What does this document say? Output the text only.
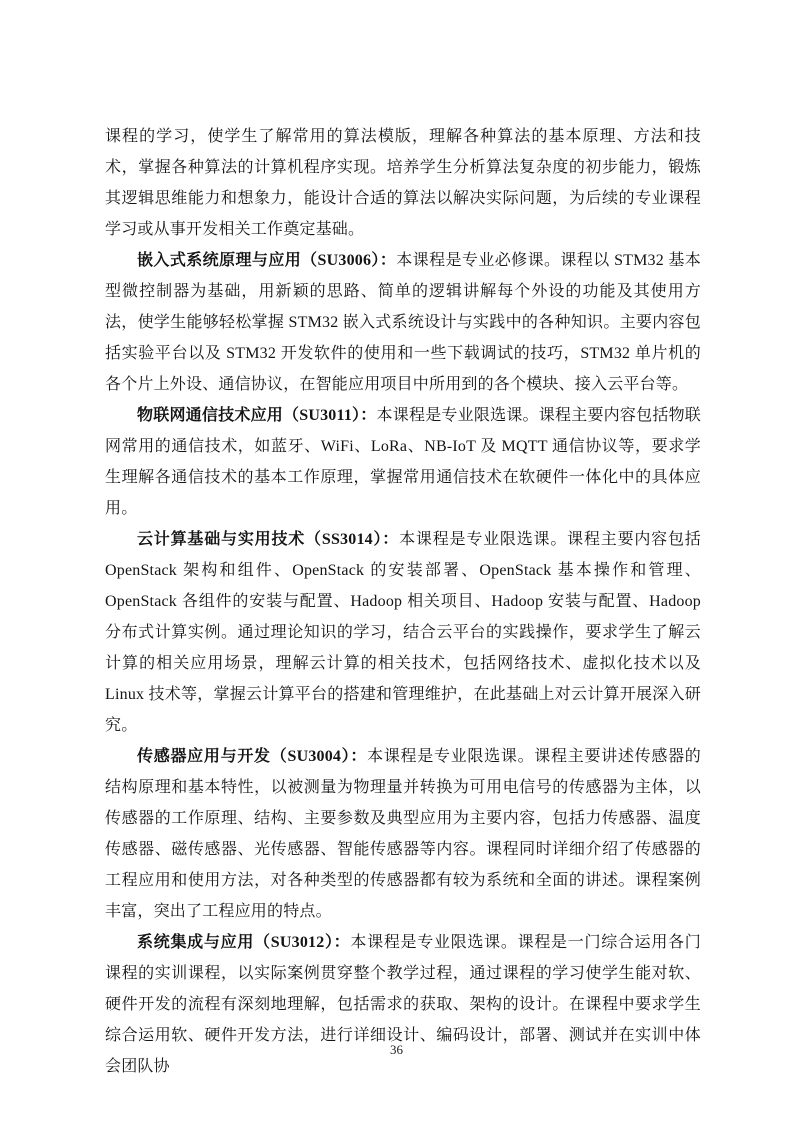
课程的学习，使学生了解常用的算法模版，理解各种算法的基本原理、方法和技术，掌握各种算法的计算机程序实现。培养学生分析算法复杂度的初步能力，锻炼其逻辑思维能力和想象力，能设计合适的算法以解决实际问题，为后续的专业课程学习或从事开发相关工作奠定基础。

嵌入式系统原理与应用（SU3006）：本课程是专业必修课。课程以 STM32 基本型微控制器为基础，用新颖的思路、简单的逻辑讲解每个外设的功能及其使用方法，使学生能够轻松掌握 STM32 嵌入式系统设计与实践中的各种知识。主要内容包括实验平台以及 STM32 开发软件的使用和一些下载调试的技巧，STM32 单片机的各个片上外设、通信协议，在智能应用项目中所用到的各个模块、接入云平台等。

物联网通信技术应用（SU3011）：本课程是专业限选课。课程主要内容包括物联网常用的通信技术，如蓝牙、WiFi、LoRa、NB-IoT 及 MQTT 通信协议等，要求学生理解各通信技术的基本工作原理，掌握常用通信技术在软硬件一体化中的具体应用。

云计算基础与实用技术（SS3014）：本课程是专业限选课。课程主要内容包括 OpenStack 架构和组件、OpenStack 的安装部署、OpenStack 基本操作和管理、OpenStack 各组件的安装与配置、Hadoop 相关项目、Hadoop 安装与配置、Hadoop 分布式计算实例。通过理论知识的学习，结合云平台的实践操作，要求学生了解云计算的相关应用场景，理解云计算的相关技术，包括网络技术、虚拟化技术以及 Linux 技术等，掌握云计算平台的搭建和管理维护，在此基础上对云计算开展深入研究。

传感器应用与开发（SU3004）：本课程是专业限选课。课程主要讲述传感器的结构原理和基本特性，以被测量为物理量并转换为可用电信号的传感器为主体，以传感器的工作原理、结构、主要参数及典型应用为主要内容，包括力传感器、温度传感器、磁传感器、光传感器、智能传感器等内容。课程同时详细介绍了传感器的工程应用和使用方法，对各种类型的传感器都有较为系统和全面的讲述。课程案例丰富，突出了工程应用的特点。

系统集成与应用（SU3012）：本课程是专业限选课。课程是一门综合运用各门课程的实训课程，以实际案例贯穿整个教学过程，通过课程的学习使学生能对软、硬件开发的流程有深刻地理解，包括需求的获取、架构的设计。在课程中要求学生综合运用软、硬件开发方法，进行详细设计、编码设计，部署、测试并在实训中体会团队协

36
